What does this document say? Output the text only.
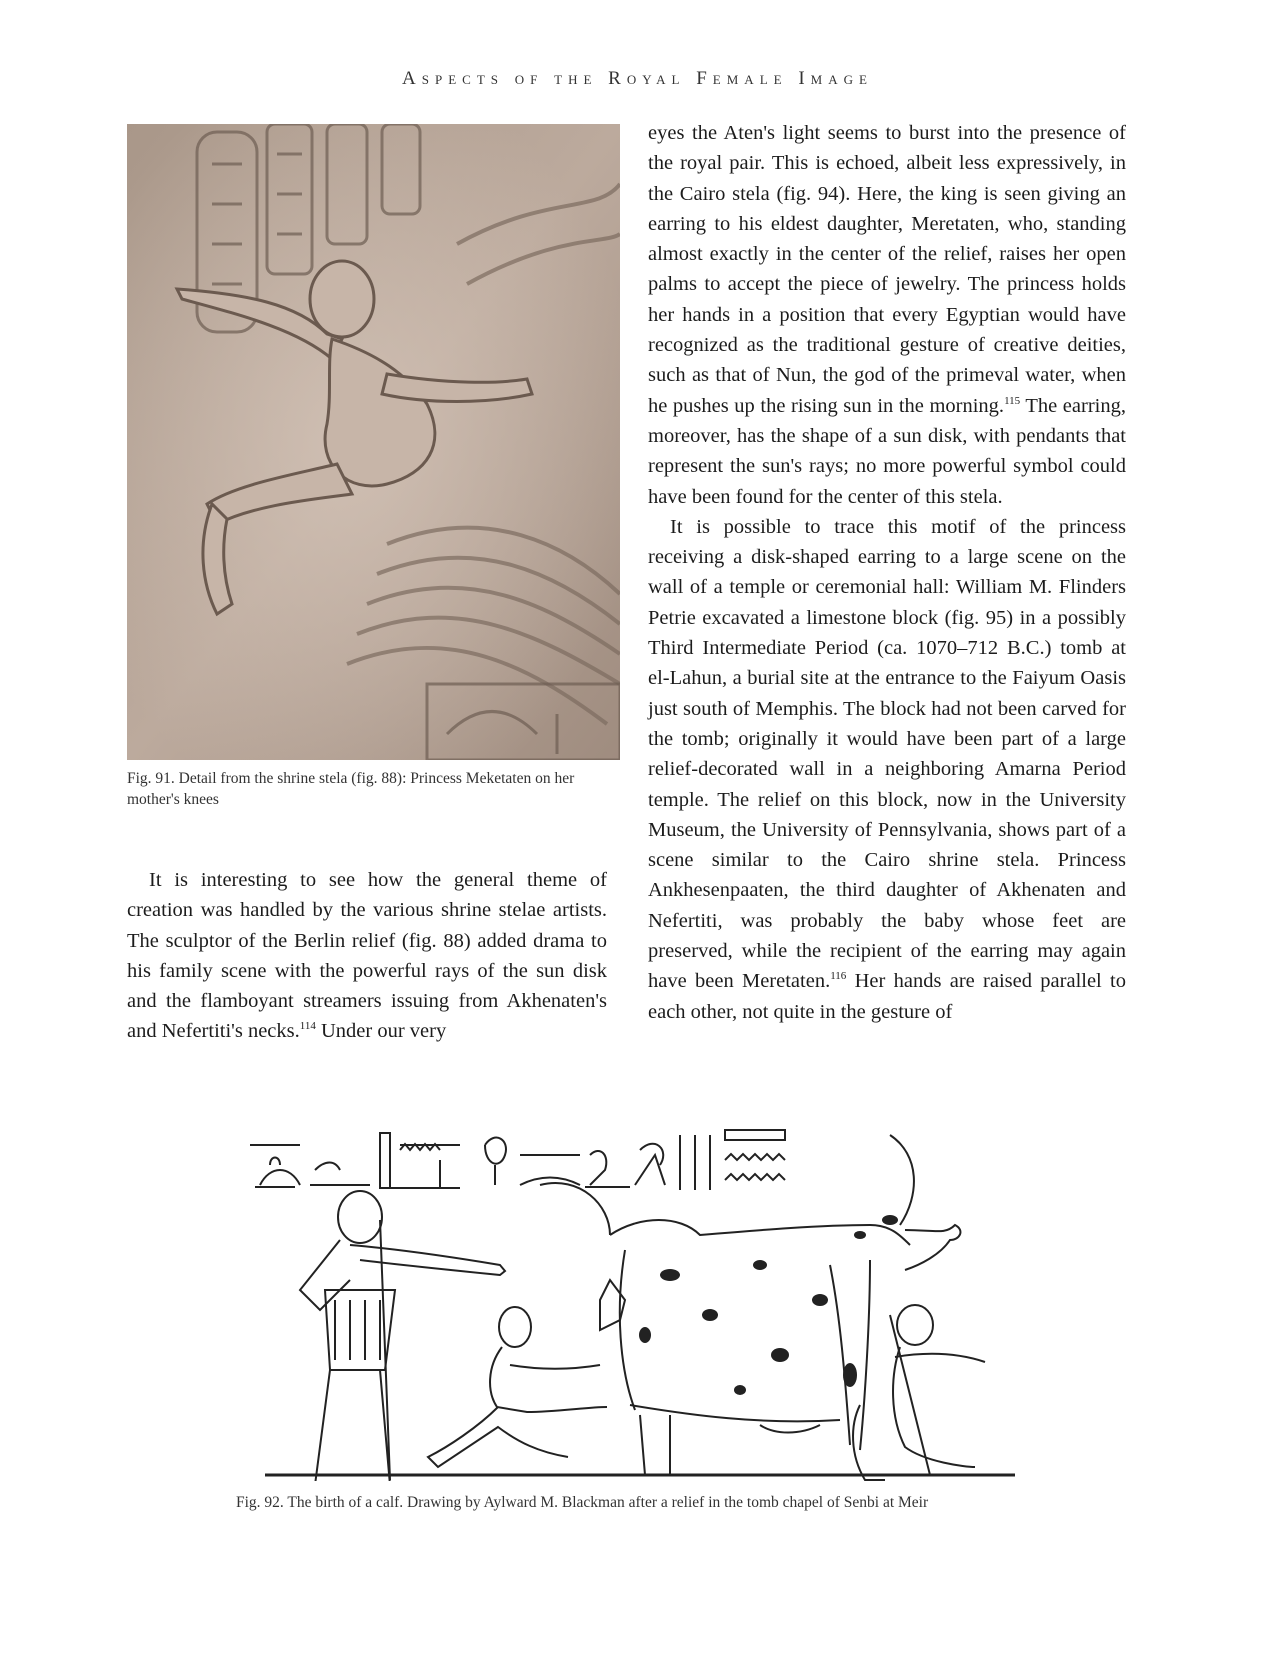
Aspects of the Royal Female Image
Fig. 91. Detail from the shrine stela (fig. 88): Princess Meketaten on her mother's knees

It is interesting to see how the general theme of creation was handled by the various shrine stelae artists. The sculptor of the Berlin relief (fig. 88) added drama to his family scene with the powerful rays of the sun disk and the flamboyant streamers issuing from Akhenaten's and Nefertiti's necks.$^{114}$ Under our very

eyes the Aten's light seems to burst into the presence of the royal pair. This is echoed, albeit less expressively, in the Cairo stela (fig. 94). Here, the king is seen giving an earring to his eldest daughter, Meretaten, who, standing almost exactly in the center of the relief, raises her open palms to accept the piece of jewelry. The princess holds her hands in a position that every Egyptian would have recognized as the traditional gesture of creative deities, such as that of Nun, the god of the primeval water, when he pushes up the rising sun in the morning.$^{115}$ The earring, moreover, has the shape of a sun disk, with pendants that represent the sun's rays; no more powerful symbol could have been found for the center of this stela.

It is possible to trace this motif of the princess receiving a disk-shaped earring to a large scene on the wall of a temple or ceremonial hall: William M. Flinders Petrie excavated a limestone block (fig. 95) in a possibly Third Intermediate Period (ca. 1070–712 B.C.) tomb at el-Lahun, a burial site at the entrance to the Faiyum Oasis just south of Memphis. The block had not been carved for the tomb; originally it would have been part of a large relief-decorated wall in a neighboring Amarna Period temple. The relief on this block, now in the University Museum, the University of Pennsylvania, shows part of a scene similar to the Cairo shrine stela. Princess Ankhesenpaaten, the third daughter of Akhenaten and Nefertiti, was probably the baby whose feet are preserved, while the recipient of the earring may again have been Meretaten.$^{116}$ Her hands are raised parallel to each other, not quite in the gesture of

Fig. 92. The birth of a calf. Drawing by Aylward M. Blackman after a relief in the tomb chapel of Senbi at Meir
